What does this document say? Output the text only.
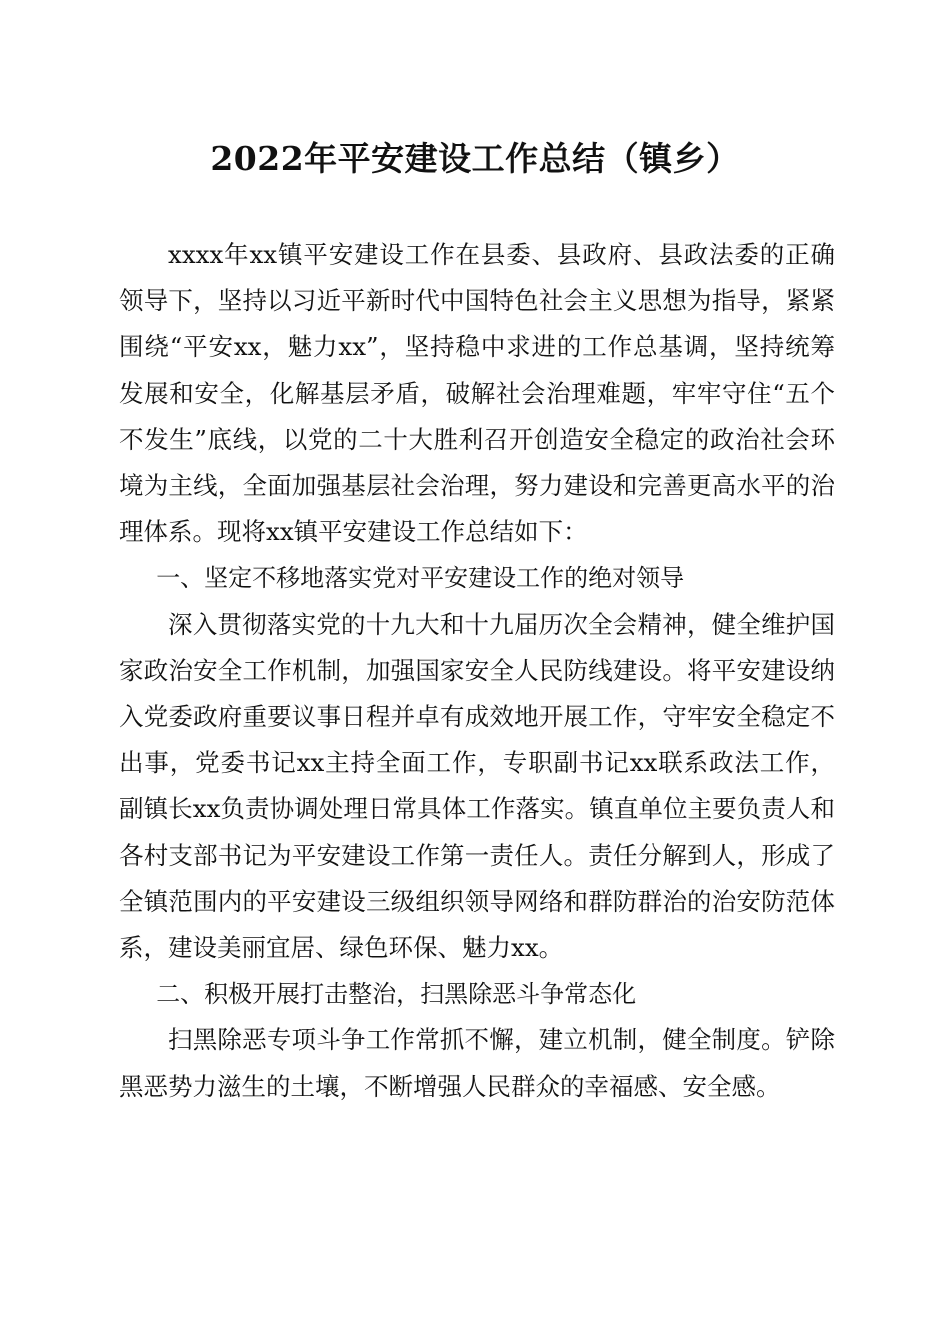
2022年平安建设工作总结（镇乡）

xxxx年xx镇平安建设工作在县委、县政府、县政法委的正确领导下，坚持以习近平新时代中国特色社会主义思想为指导，紧紧围绕“平安xx，魅力xx”，坚持稳中求进的工作总基调，坚持统筹发展和安全，化解基层矛盾，破解社会治理难题，牢牢守住“五个不发生”底线，以党的二十大胜利召开创造安全稳定的政治社会环境为主线，全面加强基层社会治理，努力建设和完善更高水平的治理体系。现将xx镇平安建设工作总结如下：

一、坚定不移地落实党对平安建设工作的绝对领导

深入贯彻落实党的十九大和十九届历次全会精神，健全维护国家政治安全工作机制，加强国家安全人民防线建设。将平安建设纳入党委政府重要议事日程并卓有成效地开展工作，守牢安全稳定不出事，党委书记xx主持全面工作，专职副书记xx联系政法工作，副镇长xx负责协调处理日常具体工作落实。镇直单位主要负责人和各村支部书记为平安建设工作第一责任人。责任分解到人，形成了全镇范围内的平安建设三级组织领导网络和群防群治的治安防范体系，建设美丽宜居、绿色环保、魅力xx。

二、积极开展打击整治，扫黑除恶斗争常态化

扫黑除恶专项斗争工作常抓不懈，建立机制，健全制度。铲除黑恶势力滋生的土壤，不断增强人民群众的幸福感、安全感。
